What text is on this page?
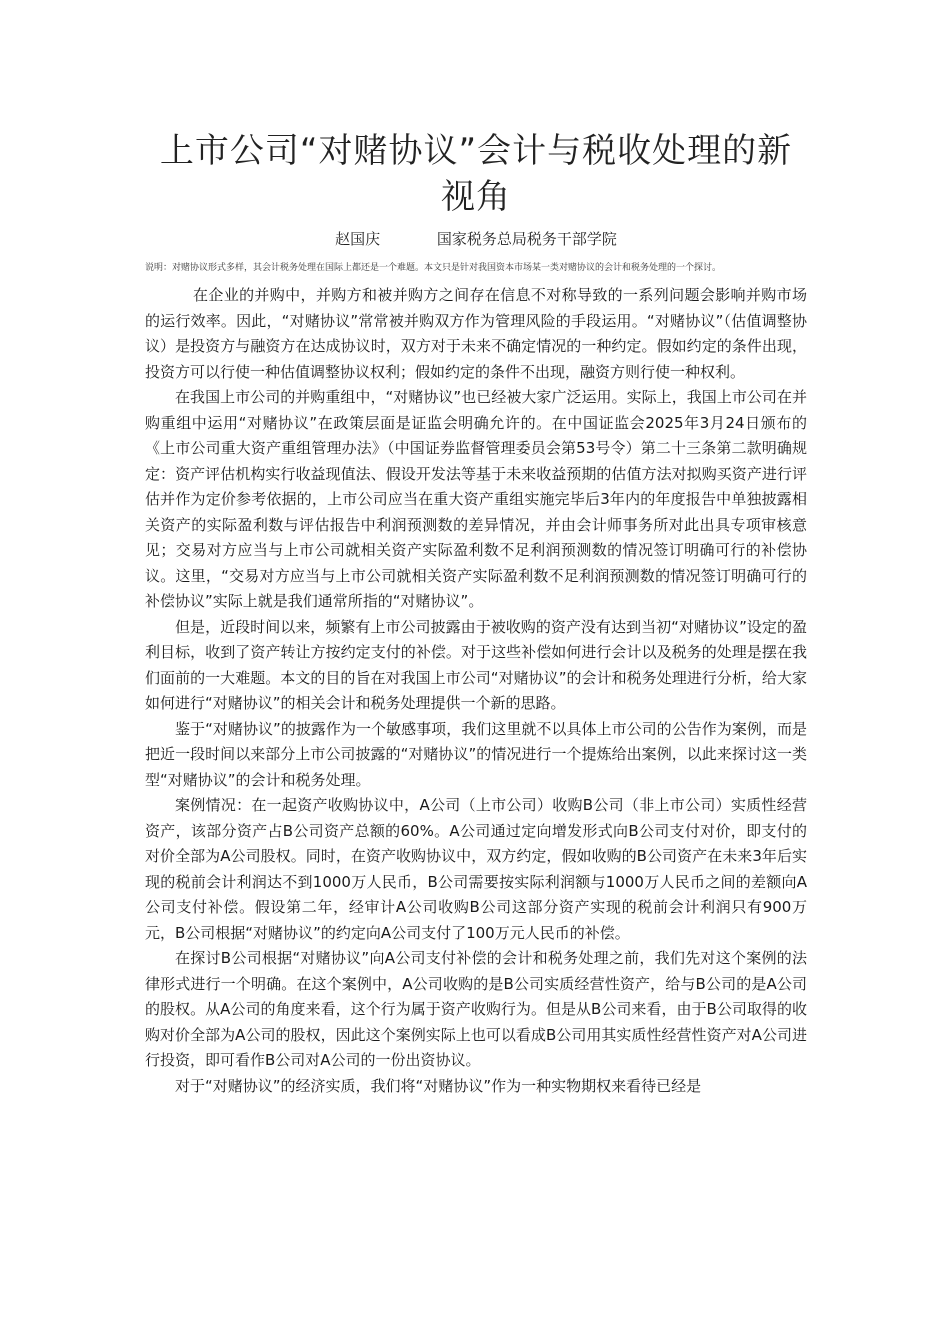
上市公司“对赌协议”会计与税收处理的新视角
赵国庆	国家税务总局税务干部学院
说明：对赌协议形式多样，其会计税务处理在国际上都还是一个难题。本文只是针对我国资本市场某一类对赌协议的会计和税务处理的一个探讨。

在企业的并购中，并购方和被并购方之间存在信息不对称导致的一系列问题会影响并购市场的运行效率。因此，“对赌协议”常常被并购双方作为管理风险的手段运用。“对赌协议”（估值调整协议）是投资方与融资方在达成协议时，双方对于未来不确定情况的一种约定。假如约定的条件出现，投资方可以行使一种估值调整协议权利；假如约定的条件不出现，融资方则行使一种权利。

在我国上市公司的并购重组中，“对赌协议”也已经被大家广泛运用。实际上，我国上市公司在并购重组中运用“对赌协议”在政策层面是证监会明确允许的。在中国证监会2025年3月24日颁布的《上市公司重大资产重组管理办法》（中国证券监督管理委员会第53号令）第二十三条第二款明确规定：资产评估机构实行收益现值法、假设开发法等基于未来收益预期的估值方法对拟购买资产进行评估并作为定价参考依据的，上市公司应当在重大资产重组实施完毕后3年内的年度报告中单独披露相关资产的实际盈利数与评估报告中利润预测数的差异情况，并由会计师事务所对此出具专项审核意见；交易对方应当与上市公司就相关资产实际盈利数不足利润预测数的情况签订明确可行的补偿协议。这里，“交易对方应当与上市公司就相关资产实际盈利数不足利润预测数的情况签订明确可行的补偿协议”实际上就是我们通常所指的“对赌协议”。

但是，近段时间以来，频繁有上市公司披露由于被收购的资产没有达到当初“对赌协议”设定的盈利目标，收到了资产转让方按约定支付的补偿。对于这些补偿如何进行会计以及税务的处理是摆在我们面前的一大难题。本文的目的旨在对我国上市公司“对赌协议”的会计和税务处理进行分析，给大家如何进行“对赌协议”的相关会计和税务处理提供一个新的思路。

鉴于“对赌协议”的披露作为一个敏感事项，我们这里就不以具体上市公司的公告作为案例，而是把近一段时间以来部分上市公司披露的“对赌协议”的情况进行一个提炼给出案例，以此来探讨这一类型“对赌协议”的会计和税务处理。

案例情况：在一起资产收购协议中，A公司（上市公司）收购B公司（非上市公司）实质性经营资产，该部分资产占B公司资产总额的60%。A公司通过定向增发形式向B公司支付对价，即支付的对价全部为A公司股权。同时，在资产收购协议中，双方约定，假如收购的B公司资产在未来3年后实现的税前会计利润达不到1000万人民币，B公司需要按实际利润额与1000万人民币之间的差额向A公司支付补偿。假设第二年，经审计A公司收购B公司这部分资产实现的税前会计利润只有900万元，B公司根据“对赌协议”的约定向A公司支付了100万元人民币的补偿。

在探讨B公司根据“对赌协议”向A公司支付补偿的会计和税务处理之前，我们先对这个案例的法律形式进行一个明确。在这个案例中，A公司收购的是B公司实质经营性资产，给与B公司的是A公司的股权。从A公司的角度来看，这个行为属于资产收购行为。但是从B公司来看，由于B公司取得的收购对价全部为A公司的股权，因此这个案例实际上也可以看成B公司用其实质性经营性资产对A公司进行投资，即可看作B公司对A公司的一份出资协议。

对于“对赌协议”的经济实质，我们将“对赌协议”作为一种实物期权来看待已经是
